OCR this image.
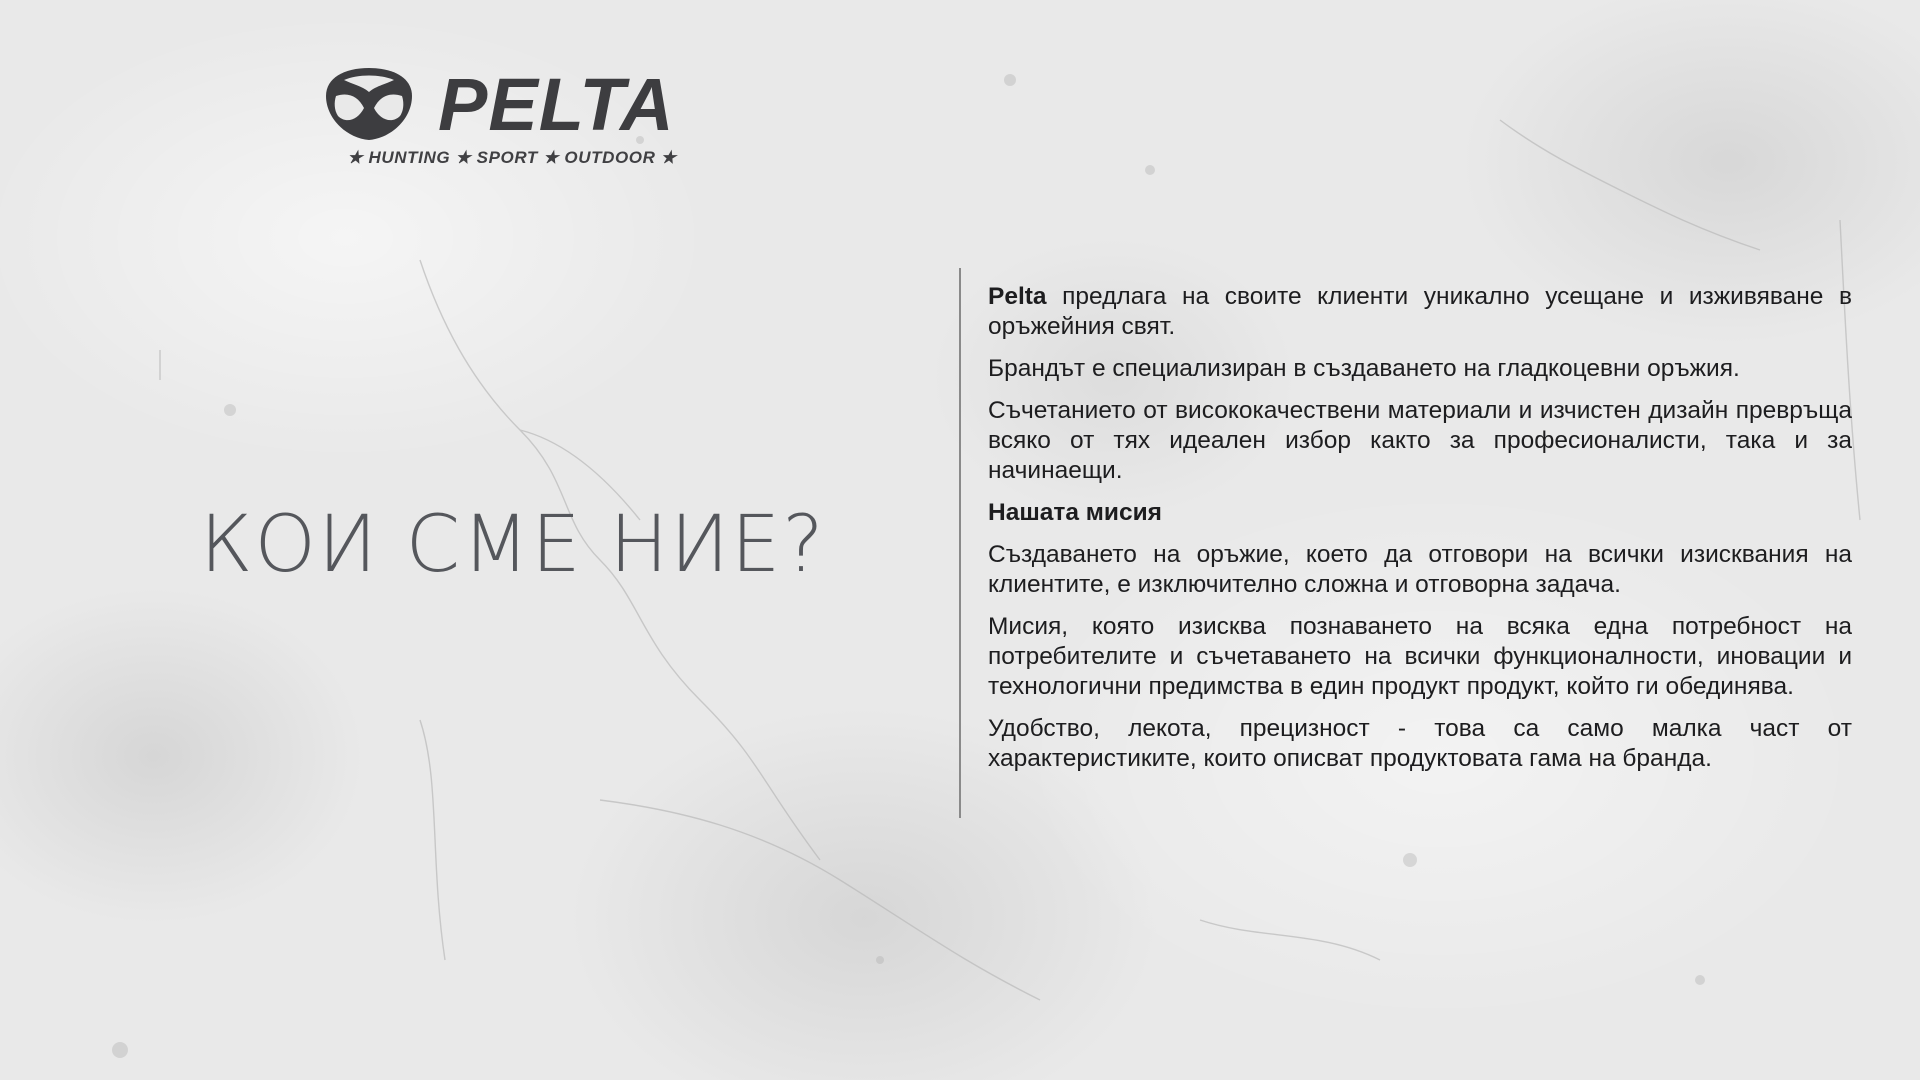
PELTA
★ HUNTING ★ SPORT ★ OUTDOOR ★
КОИ СМЕ НИЕ?

Pelta предлага на своите клиенти уникално усещане и изживяване в оръжейния свят.

Брандът е специализиран в създаването на гладкоцевни оръжия.

Съчетанието от висококачествени материали и изчистен дизайн превръща всяко от тях идеален избор както за професионалисти, така и за начинаещи.

Нашата мисия

Създаването на оръжие, което да отговори на всички изисквания на клиентите, е изключително сложна и отговорна задача.

Мисия, която изисква познаването на всяка една потребност на потребителите и съчетаването на всички функционалности, иновации и технологични предимства в един продукт продукт, който ги обединява.

Удобство, лекота, прецизност - това са само малка част от характеристиките, които описват продуктовата гама на бранда.
